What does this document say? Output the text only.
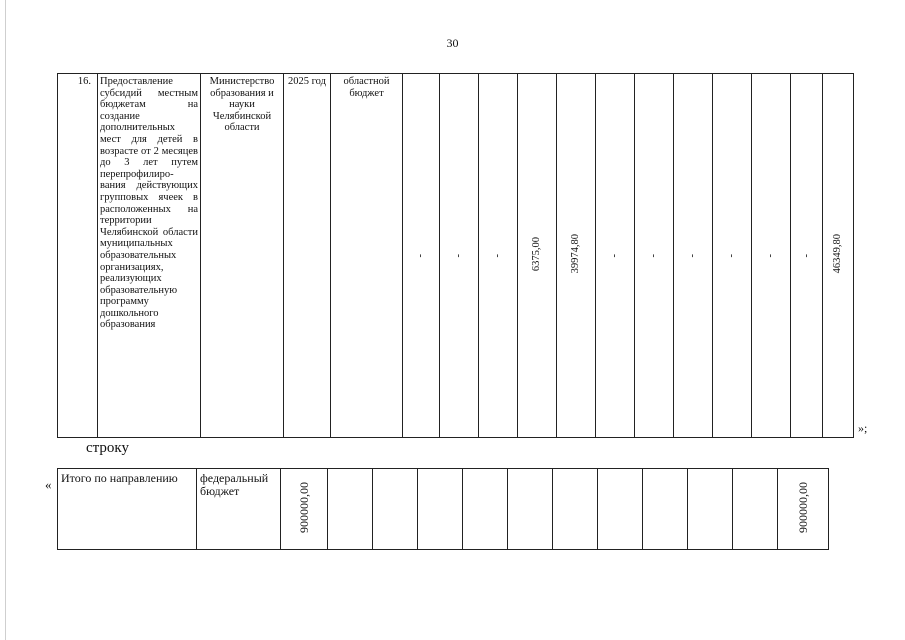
30
16.	Предоставление субсидий местным бюджетам на создание дополнительных мест для детей в возрасте от 2 месяцев до 3 лет путем перепрофилиро-вания действующих групповых ячеек в расположенных на территории Челябинской области муниципальных образовательных организациях, реализующих образовательную программу дошкольного образования	Министерство образования и науки Челябинской области	2025 год	областной бюджет	-	-	-	6375,00	39974,80	-	-	-	-	-	-	46349,80
»;
строку
« Итого по направлению	федеральный бюджет	900000,00											900000,00
